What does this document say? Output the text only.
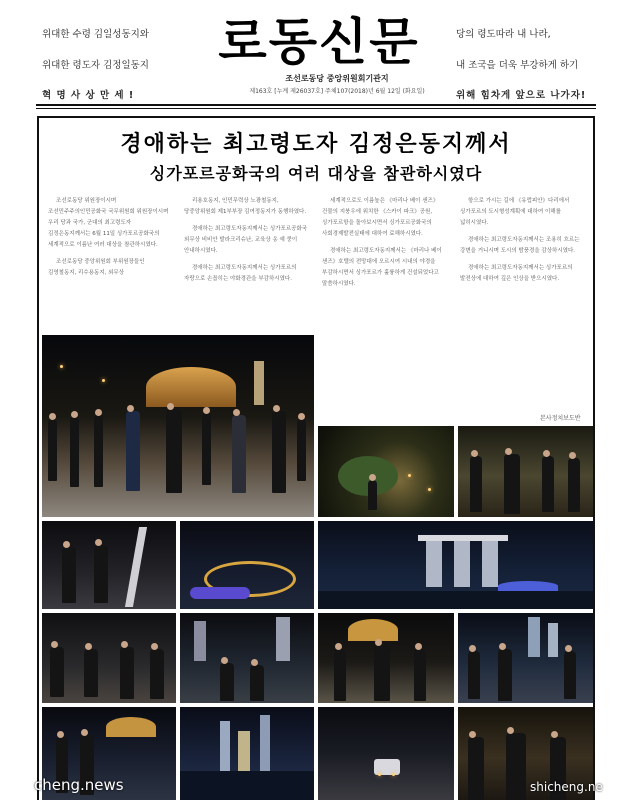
위대한 수령 김일성동지와
위대한 령도자 김정일동지
혁 명 사 상 만 세 !
로동신문
조선로동당 중앙위원회기관지
제163호 [누계 제26037호] 주체107(2018)년 6월 12일 (화요일)
당의 령도따라 내 나라,
내 조국을 더욱 부강하게 하기
위해 힘차게 앞으로 나가자!
경애하는 최고령도자 김정은동지께서
싱가포르공화국의 여러 대상을 참관하시였다

조선로동당 위원장이시며 조선민주주의인민공화국 국무위원회 위원장이시며 우리 당과 국가, 군대의 최고령도자 김정은동지께서는 6월 11일 싱가포르공화국의 세계적으로 이름난 여러 대상을 참관하시였다.

조선로동당 중앙위원회 부위원장들인 김영철동지, 리수용동지, 외무상

리용호동지, 인민무력상 노광철동지, 당중앙위원회 제1부부장 김여정동지가 동행하였다.

경애하는 최고령도자동지께서는 싱가포르공화국 외무상 비비안 발라크리슈난, 교육상 옹 예 쿵이 안내하시였다.

경애하는 최고령도자동지께서는 싱가포르의 자랑으로 손꼽히는 야화경관을 부감하시였다.

세계적으로도 이름높은 《마리나 베이 샌즈》건물의 지붕우에 위치한 《스카이 파크》공원, 싱가포르항을 돌아보시면서 싱가포르공화국의 사회경제발전실태에 대하여 료해하시였다.

경애하는 최고령도자동지께서는 《마리나 베이 샌즈》호텔의 전망대에 오르시여 시내의 야경을 부감하시면서 싱가포르가 훌륭하게 건설되었다고 말씀하시였다.

항으로 가시는 길에 《유럽피안》다리에서 싱가포르의 도시형성계획에 대하여 이해를 넓히시였다.

경애하는 최고령도자동지께서는 조용히 흐르는 강변을 거니시며 도시의 밤풍경을 감상하시였다.

경애하는 최고령도자동지께서는 싱가포르의 발전상에 대하여 깊은 인상을 받으시였다.

본사정치보도반
cheng.news	shicheng.ne
